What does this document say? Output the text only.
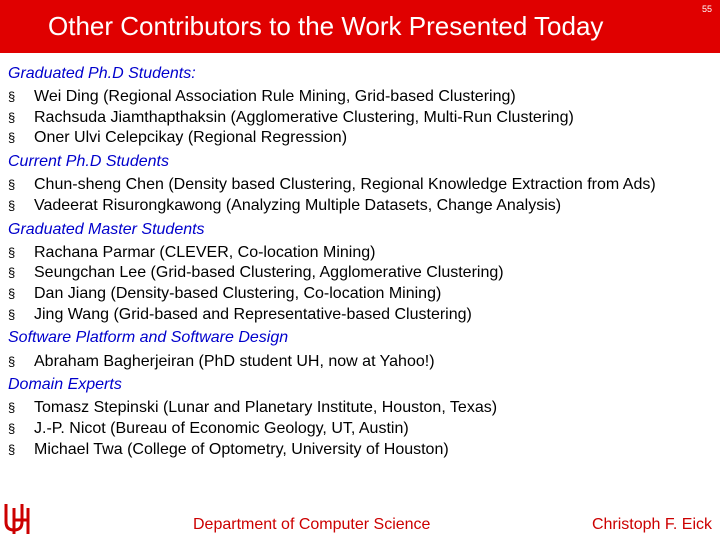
Other Contributors to the Work Presented Today
55
Graduated Ph.D Students:
§ Wei Ding (Regional Association Rule Mining, Grid-based Clustering)
§ Rachsuda Jiamthapthaksin (Agglomerative Clustering, Multi-Run Clustering)
§ Oner Ulvi Celepcikay (Regional Regression)
Current Ph.D Students
§ Chun-sheng Chen (Density based Clustering, Regional Knowledge Extraction from Ads)
§ Vadeerat Risurongkawong (Analyzing Multiple Datasets, Change Analysis)
Graduated Master Students
§ Rachana Parmar (CLEVER, Co-location Mining)
§ Seungchan Lee (Grid-based Clustering, Agglomerative Clustering)
§ Dan Jiang (Density-based Clustering, Co-location Mining)
§ Jing Wang (Grid-based and Representative-based Clustering)
Software Platform and Software Design
§ Abraham Bagherjeiran (PhD student UH, now at Yahoo!)
Domain Experts
§ Tomasz Stepinski (Lunar and Planetary Institute, Houston, Texas)
§ J.-P. Nicot (Bureau of Economic Geology, UT, Austin)
§ Michael Twa (College of Optometry, University of Houston)
Department of Computer Science	Christoph F. Eick
